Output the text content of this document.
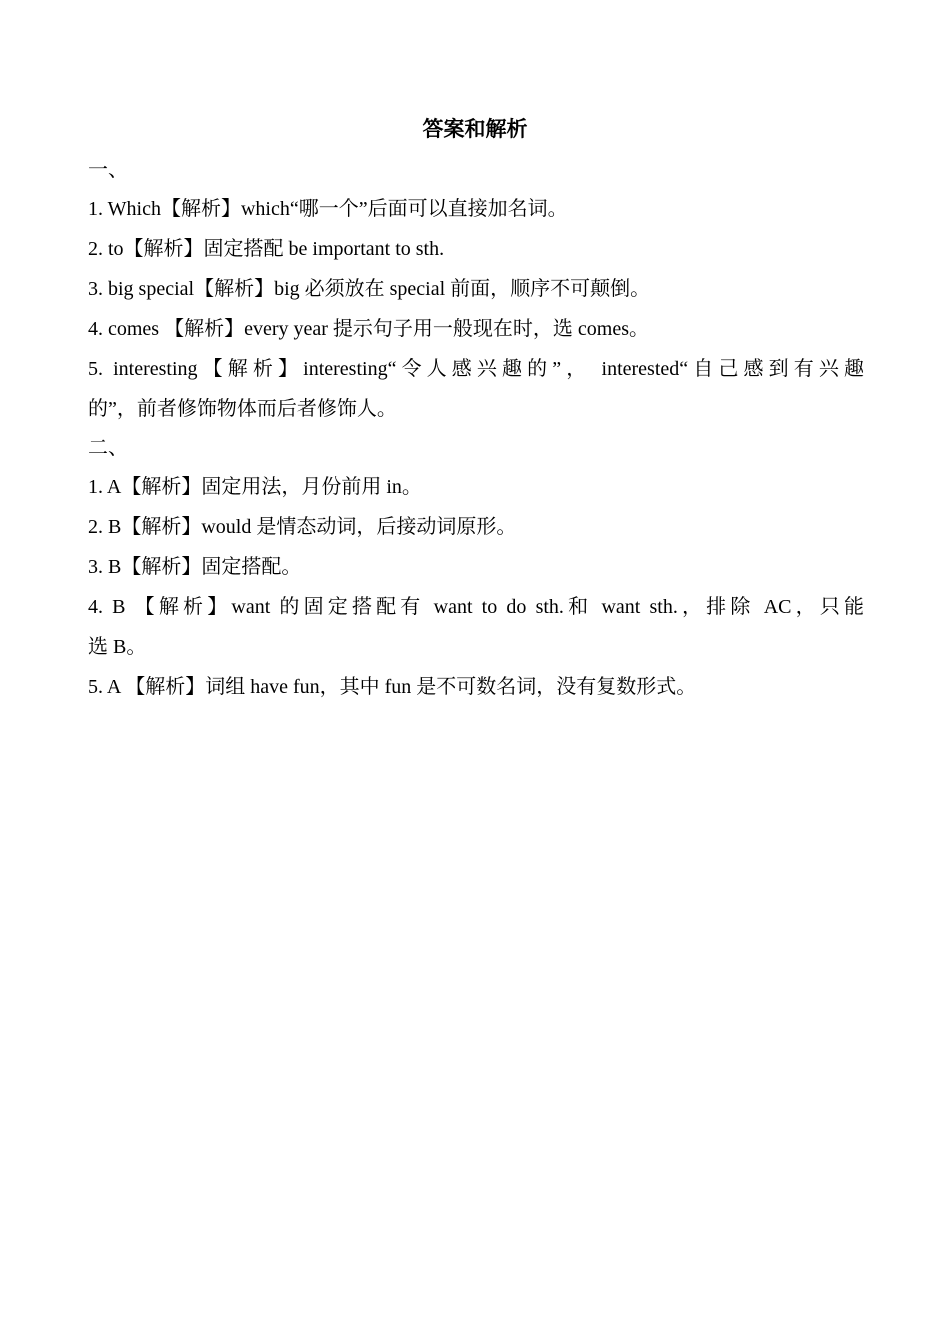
答案和解析
一、
1. Which【解析】which“哪一个”后面可以直接加名词。
2. to【解析】固定搭配 be important to sth.
3. big special【解析】big 必须放在 special 前面，顺序不可颠倒。
4. comes 【解析】every year 提示句子用一般现在时，选 comes。
5. interesting【解析】interesting“令人感兴趣的”， interested“自己感到有兴趣
的”，前者修饰物体而后者修饰人。
二、
1. A【解析】固定用法，月份前用 in。
2. B【解析】would 是情态动词，后接动词原形。
3. B【解析】固定搭配。
4. B 【解析】want 的固定搭配有 want to do sth.和 want sth.，排除 AC，只能
选 B。
5. A 【解析】词组 have fun，其中 fun 是不可数名词，没有复数形式。
